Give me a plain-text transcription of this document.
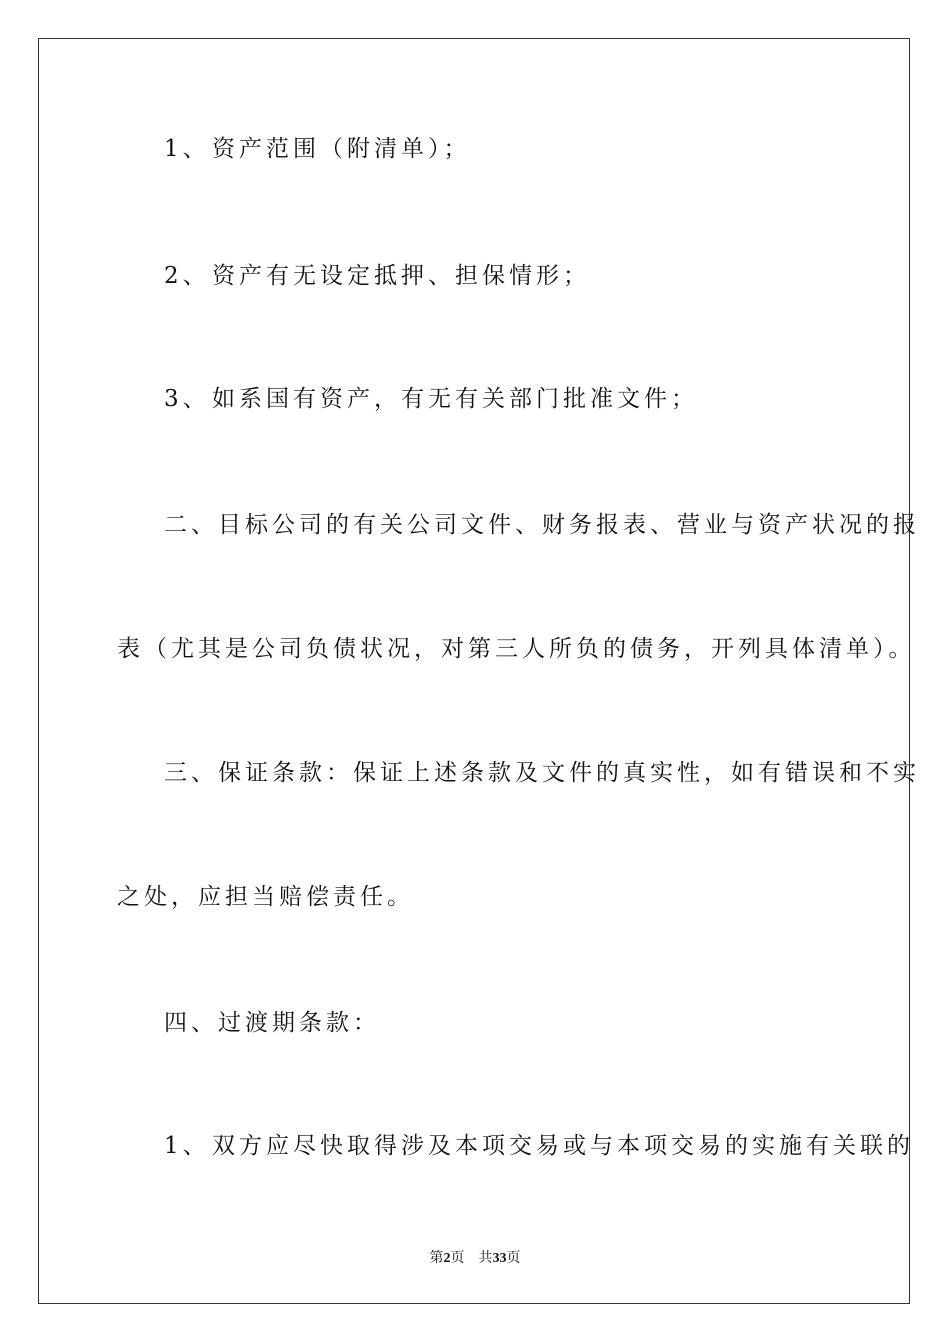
1、 资产范围（附清单）；
2、 资产有无设定抵押、担保情形；
3、 如系国有资产，有无有关部门批准文件；
二、目标公司的有关公司文件、财务报表、营业与资产状况的报
表（尤其是公司负债状况，对第三人所负的债务，开列具体清单）。
三、保证条款：保证上述条款及文件的真实性，如有错误和不实
之处，应担当赔偿责任。
四、过渡期条款：
1、 双方应尽快取得涉及本项交易或与本项交易的实施有关联的
第2页 共33页
